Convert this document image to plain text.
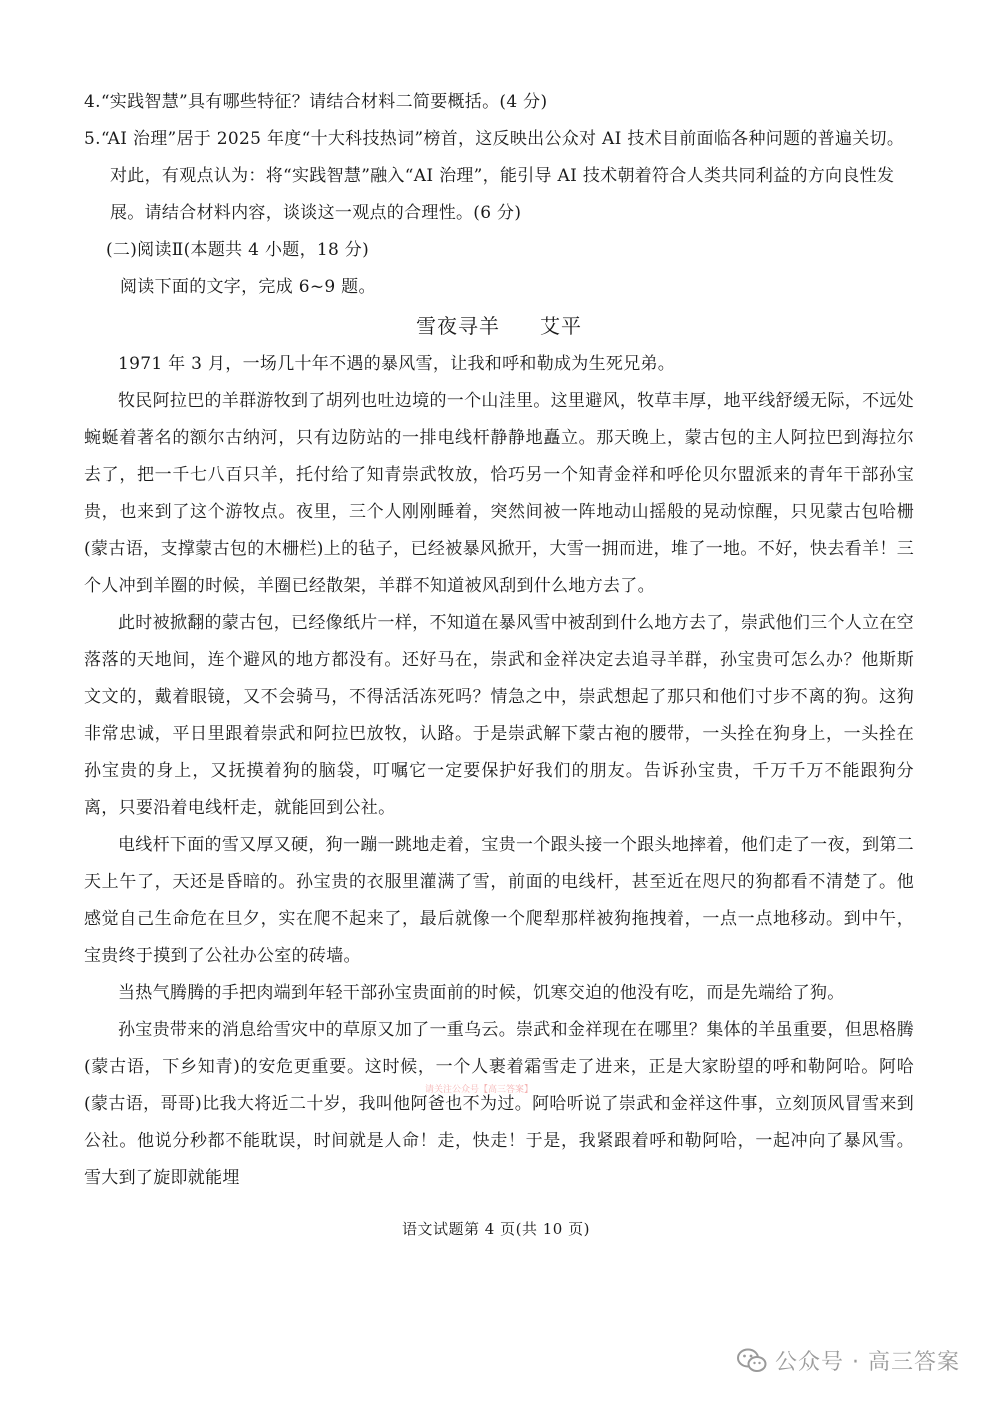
4.“实践智慧”具有哪些特征？请结合材料二简要概括。(4 分)

5.“AI 治理”居于 2025 年度“十大科技热词”榜首，这反映出公众对 AI 技术目前面临各种问题的普遍关切。对此，有观点认为：将“实践智慧”融入“AI 治理”，能引导 AI 技术朝着符合人类共同利益的方向良性发展。请结合材料内容，谈谈这一观点的合理性。(6 分)

(二)阅读Ⅱ(本题共 4 小题，18 分)

阅读下面的文字，完成 6~9 题。

雪夜寻羊 艾平

1971 年 3 月，一场几十年不遇的暴风雪，让我和呼和勒成为生死兄弟。

牧民阿拉巴的羊群游牧到了胡列也吐边境的一个山洼里。这里避风，牧草丰厚，地平线舒缓无际，不远处蜿蜒着著名的额尔古纳河，只有边防站的一排电线杆静静地矗立。那天晚上，蒙古包的主人阿拉巴到海拉尔去了，把一千七八百只羊，托付给了知青崇武牧放，恰巧另一个知青金祥和呼伦贝尔盟派来的青年干部孙宝贵，也来到了这个游牧点。夜里，三个人刚刚睡着，突然间被一阵地动山摇般的晃动惊醒，只见蒙古包哈栅(蒙古语，支撑蒙古包的木栅栏)上的毡子，已经被暴风掀开，大雪一拥而进，堆了一地。不好，快去看羊！三个人冲到羊圈的时候，羊圈已经散架，羊群不知道被风刮到什么地方去了。

此时被掀翻的蒙古包，已经像纸片一样，不知道在暴风雪中被刮到什么地方去了，崇武他们三个人立在空落落的天地间，连个避风的地方都没有。还好马在，崇武和金祥决定去追寻羊群，孙宝贵可怎么办？他斯斯文文的，戴着眼镜，又不会骑马，不得活活冻死吗？情急之中，崇武想起了那只和他们寸步不离的狗。这狗非常忠诚，平日里跟着崇武和阿拉巴放牧，认路。于是崇武解下蒙古袍的腰带，一头拴在狗身上，一头拴在孙宝贵的身上，又抚摸着狗的脑袋，叮嘱它一定要保护好我们的朋友。告诉孙宝贵，千万千万不能跟狗分离，只要沿着电线杆走，就能回到公社。

电线杆下面的雪又厚又硬，狗一蹦一跳地走着，宝贵一个跟头接一个跟头地摔着，他们走了一夜，到第二天上午了，天还是昏暗的。孙宝贵的衣服里灌满了雪，前面的电线杆，甚至近在咫尺的狗都看不清楚了。他感觉自己生命危在旦夕，实在爬不起来了，最后就像一个爬犁那样被狗拖拽着，一点一点地移动。到中午，宝贵终于摸到了公社办公室的砖墙。

当热气腾腾的手把肉端到年轻干部孙宝贵面前的时候，饥寒交迫的他没有吃，而是先端给了狗。

孙宝贵带来的消息给雪灾中的草原又加了一重乌云。崇武和金祥现在在哪里？集体的羊虽重要，但思格腾(蒙古语，下乡知青)的安危更重要。这时候，一个人裹着霜雪走了进来，正是大家盼望的呼和勒阿哈。阿哈(蒙古语，哥哥)比我大将近二十岁，我叫他阿爸也不为过。阿哈听说了崇武和金祥这件事，立刻顶风冒雪来到公社。他说分秒都不能耽误，时间就是人命！走，快走！于是，我紧跟着呼和勒阿哈，一起冲向了暴风雪。雪大到了旋即就能埋

请关注公众号【高三答案】
语文试题第 4 页(共 10 页)
公众号 · 高三答案
